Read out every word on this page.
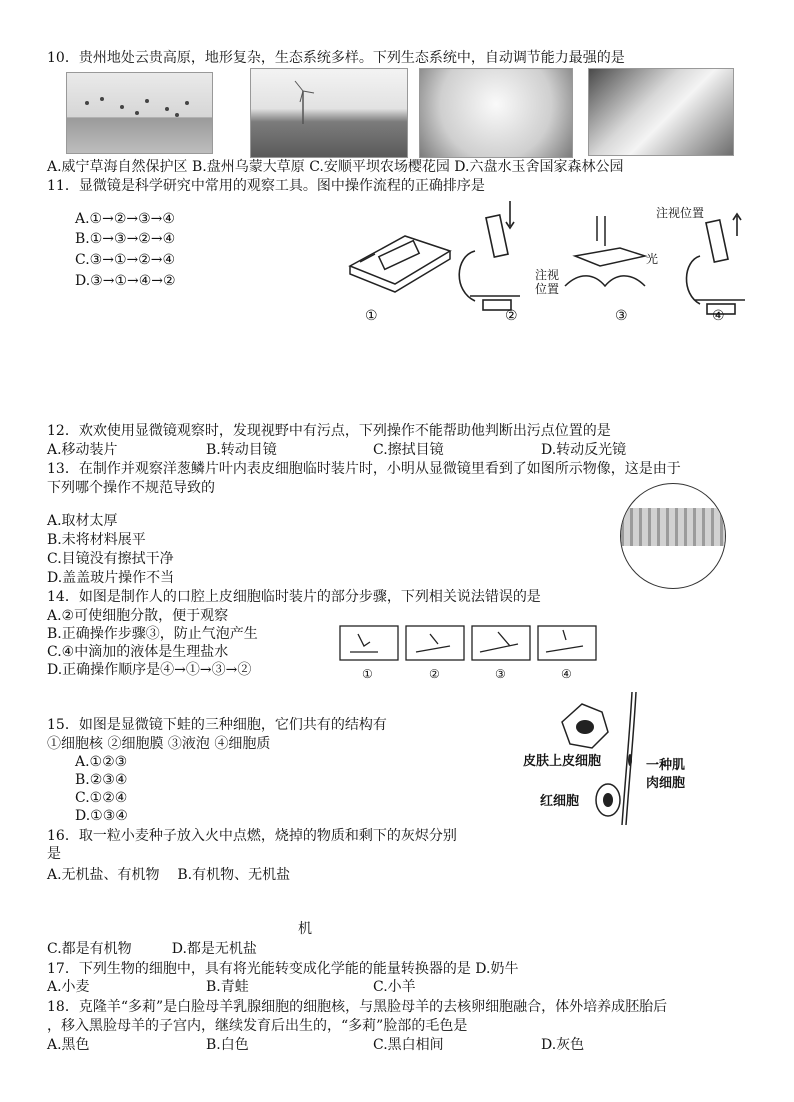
10．贵州地处云贵高原，地形复杂，生态系统多样。下列生态系统中，自动调节能力最强的是
A.威宁草海自然保护区 B.盘州乌蒙大草原 C.安顺平坝农场樱花园 D.六盘水玉舍国家森林公园
11．显微镜是科学研究中常用的观察工具。图中操作流程的正确排序是
A.①→②→③→④
B.①→③→②→④
C.③→①→②→④
D.③→①→④→②	注视 位置
光
注视位置
①	②	③	④
12．欢欢使用显微镜观察时，发现视野中有污点，下列操作不能帮助他判断出污点位置的是
A.移动装片	B.转动目镜	C.擦拭目镜	D.转动反光镜
13．在制作并观察洋葱鳞片叶内表皮细胞临时装片时，小明从显微镜里看到了如图所示物像，这是由于
下列哪个操作不规范导致的
A.取材太厚
B.未将材料展平
C.目镜没有擦拭干净
D.盖盖玻片操作不当
14．如图是制作人的口腔上皮细胞临时装片的部分步骤，下列相关说法错误的是
A.②可使细胞分散，便于观察
B.正确操作步骤③，防止气泡产生
C.④中滴加的液体是生理盐水
D.正确操作顺序是④→①→③→②	①	②	③	④
15．如图是显微镜下蛙的三种细胞，它们共有的结构有
①细胞核 ②细胞膜 ③液泡 ④细胞质
A.①②③
B.②③④
C.①②④
D.①③④
皮肤上皮细胞	一种肌
肉细胞
红细胞
16．取一粒小麦种子放入火中点燃，烧掉的物质和剩下的灰烬分别
是
A.无机盐、有机物    B.有机物、无机盐
机
C.都是有机物         D.都是无机盐
17．下列生物的细胞中，具有将光能转变成化学能的能量转换器的是 D.奶牛
A.小麦	B.青蛙	C.小羊
18．克隆羊“多莉”是白脸母羊乳腺细胞的细胞核，与黑脸母羊的去核卵细胞融合，体外培养成胚胎后
，移入黑脸母羊的子宫内，继续发育后出生的，“多莉”脸部的毛色是
A.黑色	B.白色	C.黑白相间	D.灰色
